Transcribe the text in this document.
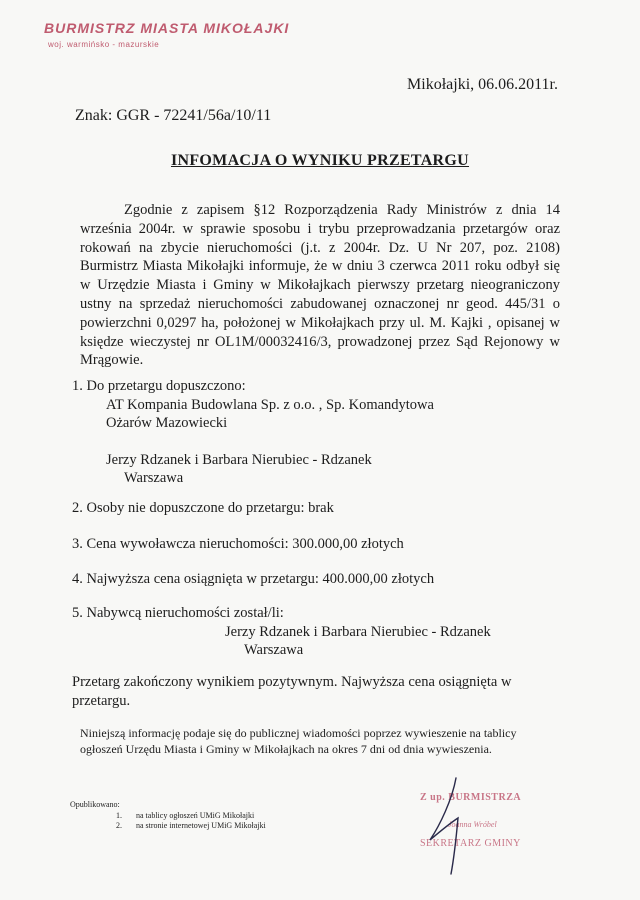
BURMISTRZ MIASTA MIKOŁAJKI
woj. warmińsko - mazurskie
Mikołajki, 06.06.2011r.
Znak: GGR - 72241/56a/10/11
INFOMACJA O WYNIKU PRZETARGU

Zgodnie z zapisem §12 Rozporządzenia Rady Ministrów z dnia 14 września 2004r. w sprawie sposobu i trybu przeprowadzania przetargów oraz rokowań na zbycie nieruchomości (j.t. z 2004r. Dz. U Nr 207, poz. 2108) Burmistrz Miasta Mikołajki informuje, że w dniu 3 czerwca 2011 roku odbył się w Urzędzie Miasta i Gminy w Mikołajkach pierwszy przetarg nieograniczony ustny na sprzedaż nieruchomości zabudowanej oznaczonej nr geod. 445/31 o powierzchni 0,0297 ha, położonej w Mikołajkach przy ul. M. Kajki , opisanej w księdze wieczystej nr OL1M/00032416/3, prowadzonej przez Sąd Rejonowy w Mrągowie.

1. Do przetargu dopuszczono:
AT Kompania Budowlana Sp. z o.o. , Sp. Komandytowa
Ożarów Mazowiecki
Jerzy Rdzanek i Barbara Nierubiec - Rdzanek
Warszawa
2. Osoby nie dopuszczone do przetargu: brak
3. Cena wywoławcza nieruchomości: 300.000,00 złotych
4. Najwyższa cena osiągnięta w przetargu: 400.000,00 złotych
5. Nabywcą nieruchomości został/li:
Jerzy Rdzanek i Barbara Nierubiec - Rdzanek
Warszawa

Przetarg zakończony wynikiem pozytywnym. Najwyższa cena osiągnięta w przetargu.

Niniejszą informację podaje się do publicznej wiadomości poprzez wywieszenie na tablicy ogłoszeń Urzędu Miasta i Gminy w Mikołajkach na okres 7 dni od dnia wywieszenia.

Opublikowano:
1. na tablicy ogłoszeń UMiG Mikołajki
2. na stronie internetowej UMiG Mikołajki
Z up. BURMISTRZA
Joanna Wróbel
SEKRETARZ GMINY
